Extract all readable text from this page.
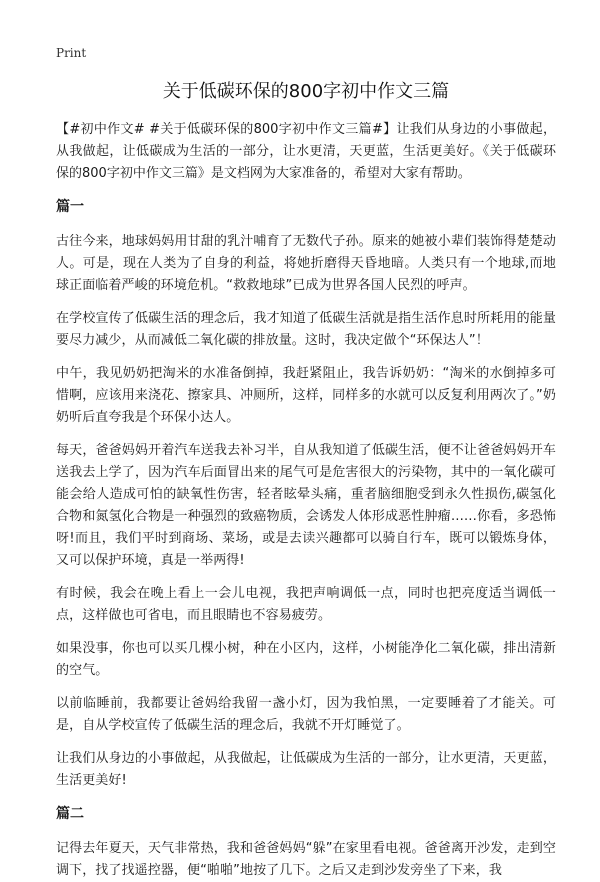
Print
关于低碳环保的800字初中作文三篇

【#初中作文# #关于低碳环保的800字初中作文三篇#】让我们从身边的小事做起，从我做起，让低碳成为生活的一部分，让水更清，天更蓝，生活更美好。《关于低碳环保的800字初中作文三篇》是文档网为大家准备的，希望对大家有帮助。

篇一

古往今来，地球妈妈用甘甜的乳汁哺育了无数代子孙。原来的她被小辈们装饰得楚楚动人。可是，现在人类为了自身的利益，将她折磨得天昏地暗。人类只有一个地球,而地球正面临着严峻的环境危机。“救救地球”已成为世界各国人民烈的呼声。

在学校宣传了低碳生活的理念后，我才知道了低碳生活就是指生活作息时所耗用的能量要尽力减少，从而减低二氧化碳的排放量。这时，我决定做个“环保达人”！

中午，我见奶奶把淘米的水准备倒掉，我赶紧阻止，我告诉奶奶：“淘米的水倒掉多可惜啊，应该用来浇花、擦家具、冲厕所，这样，同样多的水就可以反复利用两次了。”奶奶听后直夸我是个环保小达人。

每天，爸爸妈妈开着汽车送我去补习半，自从我知道了低碳生活，便不让爸爸妈妈开车送我去上学了，因为汽车后面冒出来的尾气可是危害很大的污染物，其中的一氧化碳可能会给人造成可怕的缺氧性伤害，轻者眩晕头痛，重者脑细胞受到永久性损伤,碳氢化合物和氮氢化合物是一种强烈的致癌物质，会诱发人体形成恶性肿瘤……你看，多恐怖呀!而且，我们平时到商场、菜场，或是去读兴趣都可以骑自行车，既可以锻炼身体，又可以保护环境，真是一举两得!

有时候，我会在晚上看上一会儿电视，我把声响调低一点，同时也把亮度适当调低一点，这样做也可省电，而且眼睛也不容易疲劳。

如果没事，你也可以买几棵小树，种在小区内，这样，小树能净化二氧化碳，排出清新的空气。

以前临睡前，我都要让爸妈给我留一盏小灯，因为我怕黑，一定要睡着了才能关。可是，自从学校宣传了低碳生活的理念后，我就不开灯睡觉了。

让我们从身边的小事做起，从我做起，让低碳成为生活的一部分，让水更清，天更蓝，生活更美好!

篇二

记得去年夏天，天气非常热，我和爸爸妈妈“躲”在家里看电视。爸爸离开沙发，走到空调下，找了找遥控器，便“啪啪”地按了几下。之后又走到沙发旁坐了下来，我
